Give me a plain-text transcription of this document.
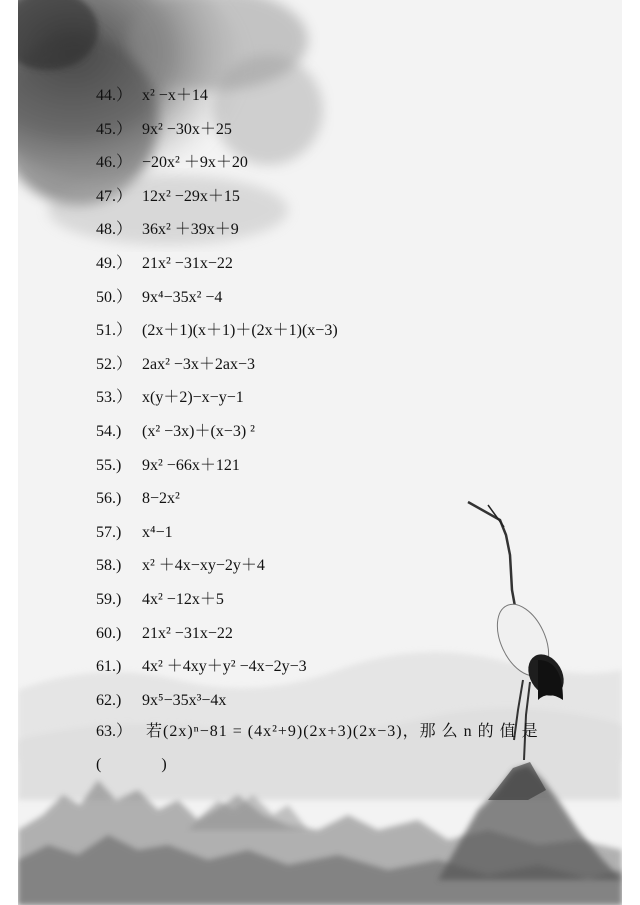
44.） x² −x＋14
45.） 9x² −30x＋25
46.） −20x² ＋9x＋20
47.） 12x² −29x＋15
48.） 36x² ＋39x＋9
49.） 21x² −31x−22
50.） 9x⁴−35x² −4
51.） (2x＋1)(x＋1)＋(2x＋1)(x−3)
52.） 2ax² −3x＋2ax−3
53.） x(y＋2)−x−y−1
54.) (x² −3x)＋(x−3) ²
55.) 9x² −66x＋121
56.) 8−2x²
57.) x⁴−1
58.) x² ＋4x−xy−2y＋4
59.) 4x² −12x＋5
60.) 21x² −31x−22
61.) 4x² ＋4xy＋y² −4x−2y−3
62.) 9x⁵−35x³−4x
63.） 若(2x)ⁿ−81 = (4x²+9)(2x+3)(2x−3)，那 么 n 的 值 是
(               )
